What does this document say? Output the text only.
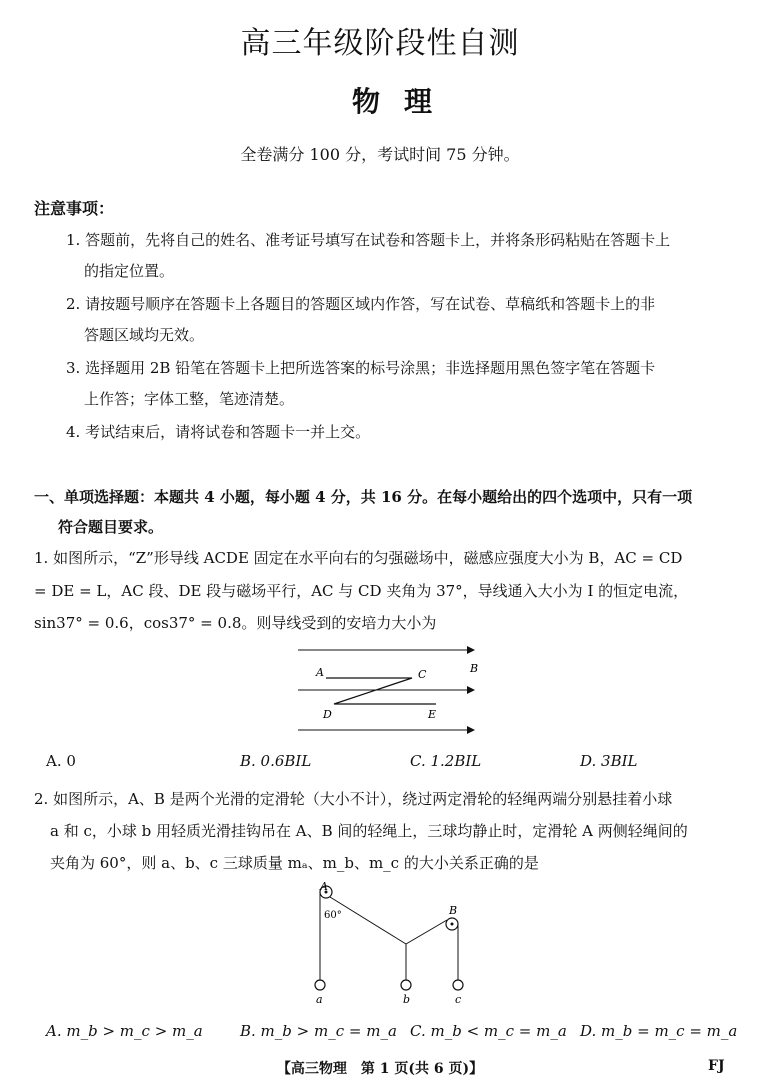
高三年级阶段性自测
物理
全卷满分 100 分，考试时间 75 分钟。
注意事项：
1. 答题前，先将自己的姓名、准考证号填写在试卷和答题卡上，并将条形码粘贴在答题卡上
的指定位置。
2. 请按题号顺序在答题卡上各题目的答题区域内作答，写在试卷、草稿纸和答题卡上的非
答题区域均无效。
3. 选择题用 2B 铅笔在答题卡上把所选答案的标号涂黑；非选择题用黑色签字笔在答题卡
上作答；字体工整，笔迹清楚。
4. 考试结束后，请将试卷和答题卡一并上交。
一、单项选择题：本题共 4 小题，每小题 4 分，共 16 分。在每小题给出的四个选项中，只有一项
符合题目要求。
1. 如图所示，“Z”形导线 ACDE 固定在水平向右的匀强磁场中，磁感应强度大小为 B，AC = CD
= DE = L，AC 段、DE 段与磁场平行，AC 与 CD 夹角为 37°，导线通入大小为 I 的恒定电流，
sin37° = 0.6，cos37° = 0.8。则导线受到的安培力大小为
A	C	B
D	E
A. 0	B. 0.6BIL	C. 1.2BIL	D. 3BIL
2. 如图所示，A、B 是两个光滑的定滑轮（大小不计），绕过两定滑轮的轻绳两端分别悬挂着小球
a 和 c，小球 b 用轻质光滑挂钩吊在 A、B 间的轻绳上，三球均静止时，定滑轮 A 两侧轻绳间的
夹角为 60°，则 a、b、c 三球质量 mₐ、m_b、m_c 的大小关系正确的是
A
B
60°
a	b	c
A. m_b > m_c > m_a B. m_b > m_c = m_a C. m_b < m_c = m_a D. m_b = m_c = m_a
【高三物理　第 1 页(共 6 页)】	FJ
